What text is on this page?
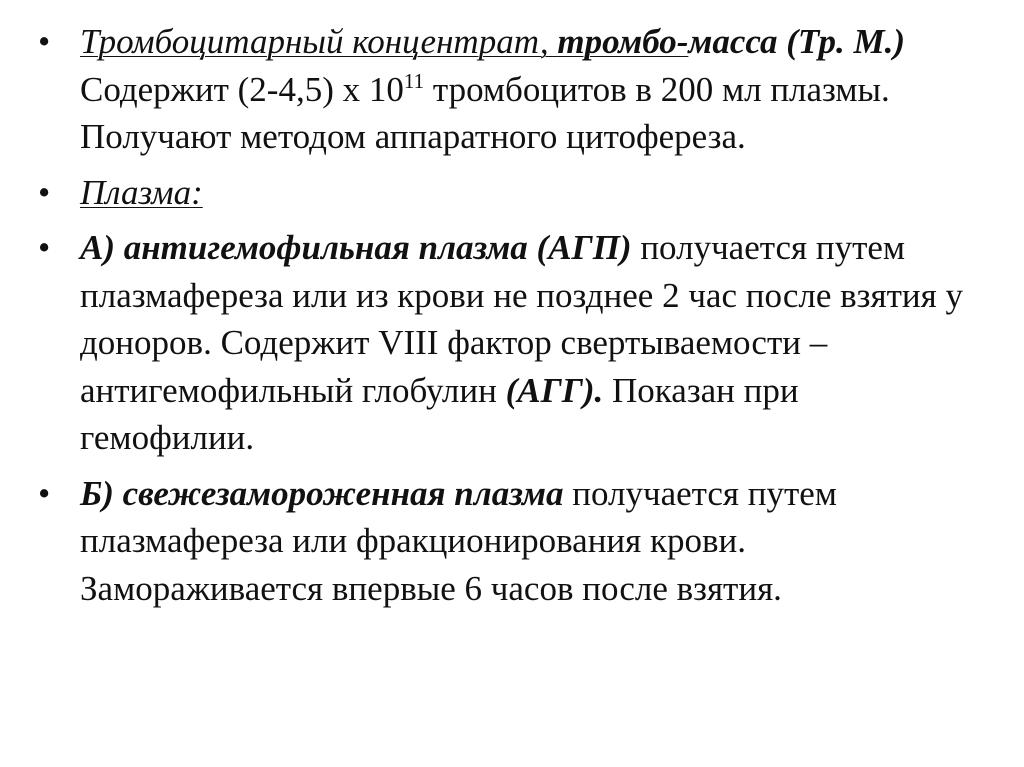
• Тромбоцитарный концентрат, тромбо-масса (Тр. М.) Содержит (2-4,5) х $10^{11}$ тромбоцитов в 200 мл плазмы. Получают методом аппаратного цитофереза.
• Плазма:
• А) антигемофильная плазма (АГП) получается путем плазмафереза или из крови не позднее 2 час после взятия у доноров. Содержит VIII фактор свертываемости – антигемофильный глобулин (АГГ). Показан при гемофилии.
• Б) свежезамороженная плазма получается путем плазмафереза или фракционирования крови. Замораживается впервые 6 часов после взятия.
